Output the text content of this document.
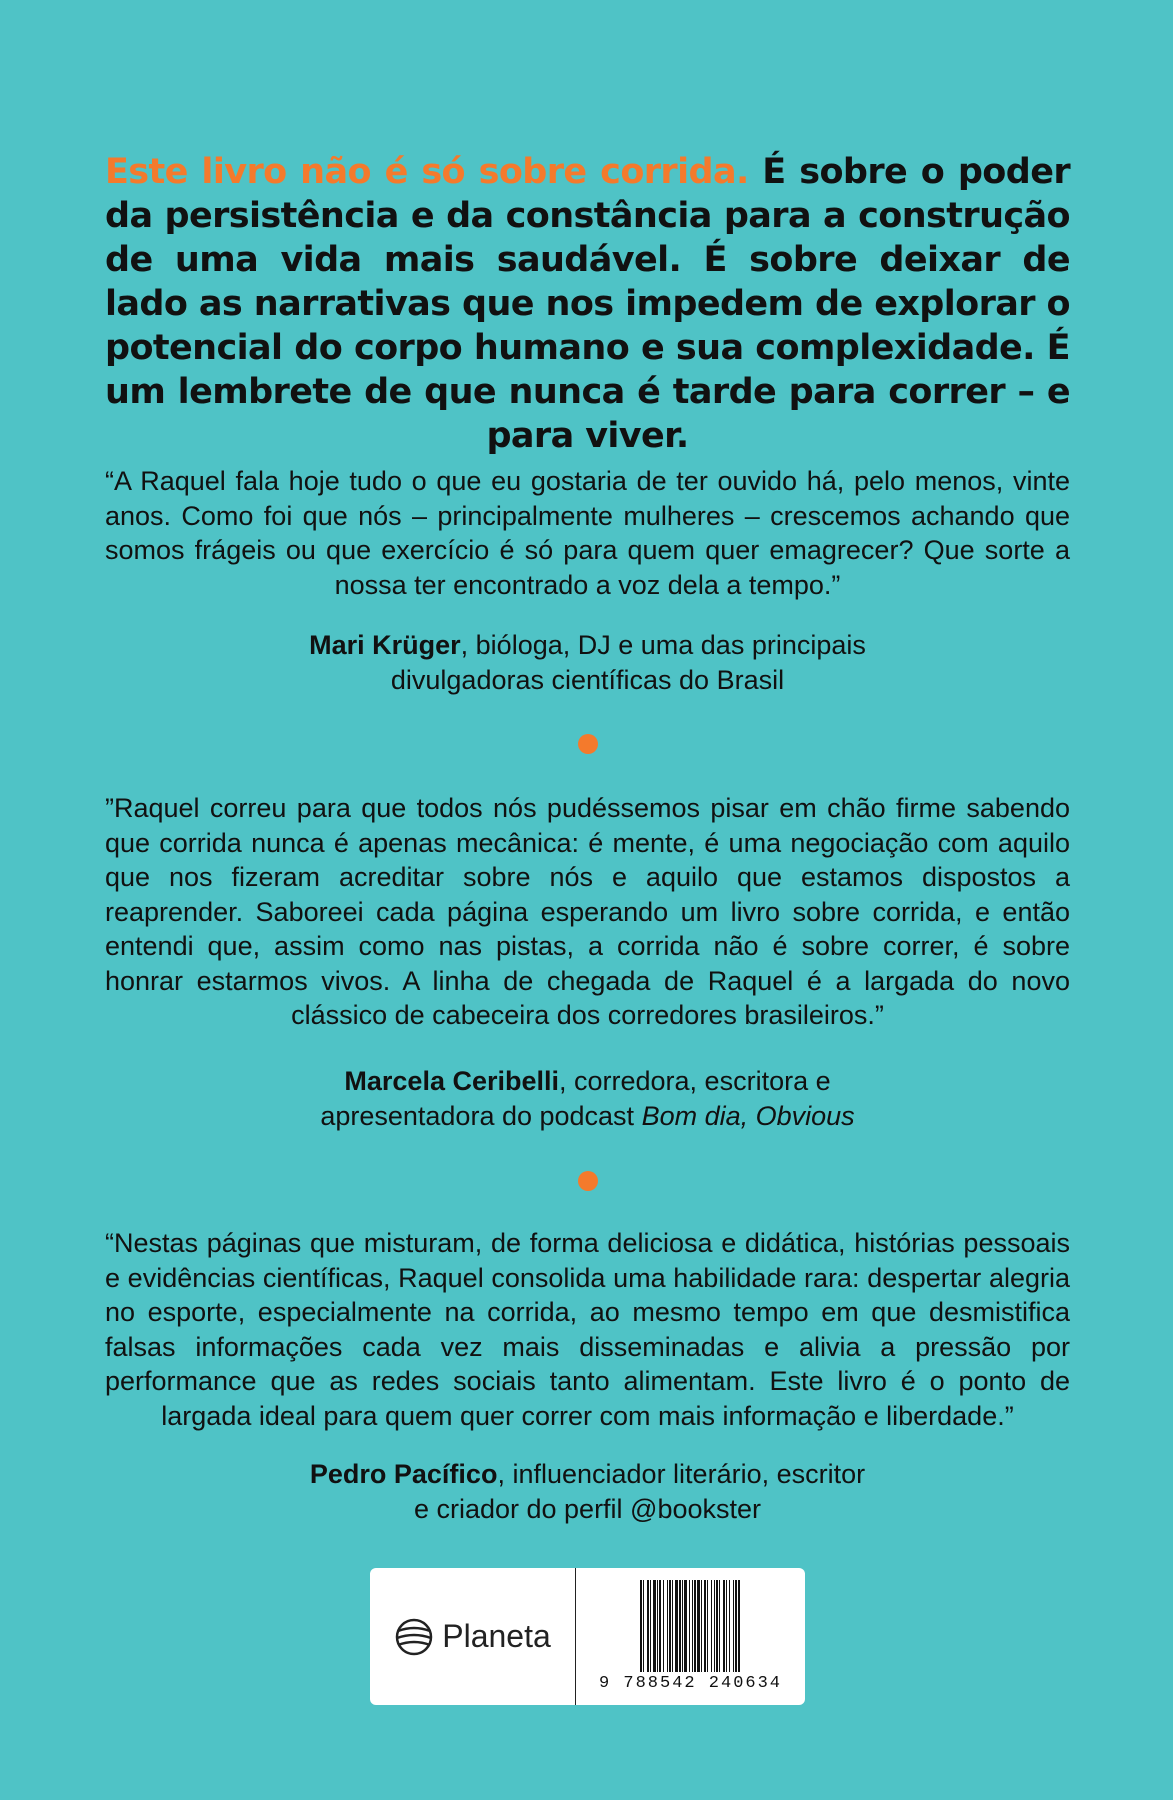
Este livro não é só sobre corrida. É sobre o poder da persistência e da constância para a construção de uma vida mais saudável. É sobre deixar de lado as narrativas que nos impedem de explorar o potencial do corpo humano e sua complexidade. É um lembrete de que nunca é tarde para correr – e para viver.
“A Raquel fala hoje tudo o que eu gostaria de ter ouvido há, pelo menos, vinte anos. Como foi que nós – principalmente mulheres – crescemos achando que somos frágeis ou que exercício é só para quem quer emagrecer? Que sorte a nossa ter encontrado a voz dela a tempo.”
Mari Krüger, bióloga, DJ e uma das principais
divulgadoras científicas do Brasil
”Raquel correu para que todos nós pudéssemos pisar em chão firme sabendo que corrida nunca é apenas mecânica: é mente, é uma negociação com aquilo que nos fizeram acreditar sobre nós e aquilo que estamos dispostos a reaprender. Saboreei cada página esperando um livro sobre corrida, e então entendi que, assim como nas pistas, a corrida não é sobre correr, é sobre honrar estarmos vivos. A linha de chegada de Raquel é a largada do novo clássico de cabeceira dos corredores brasileiros.”
Marcela Ceribelli, corredora, escritora e
apresentadora do podcast Bom dia, Obvious
“Nestas páginas que misturam, de forma deliciosa e didática, histórias pessoais e evidências científicas, Raquel consolida uma habilidade rara: despertar alegria no esporte, especialmente na corrida, ao mesmo tempo em que desmistifica falsas informações cada vez mais disseminadas e alivia a pressão por performance que as redes sociais tanto alimentam. Este livro é o ponto de largada ideal para quem quer correr com mais informação e liberdade.”
Pedro Pacífico, influenciador literário, escritor
e criador do perfil @bookster
Planeta
9 788542 240634
